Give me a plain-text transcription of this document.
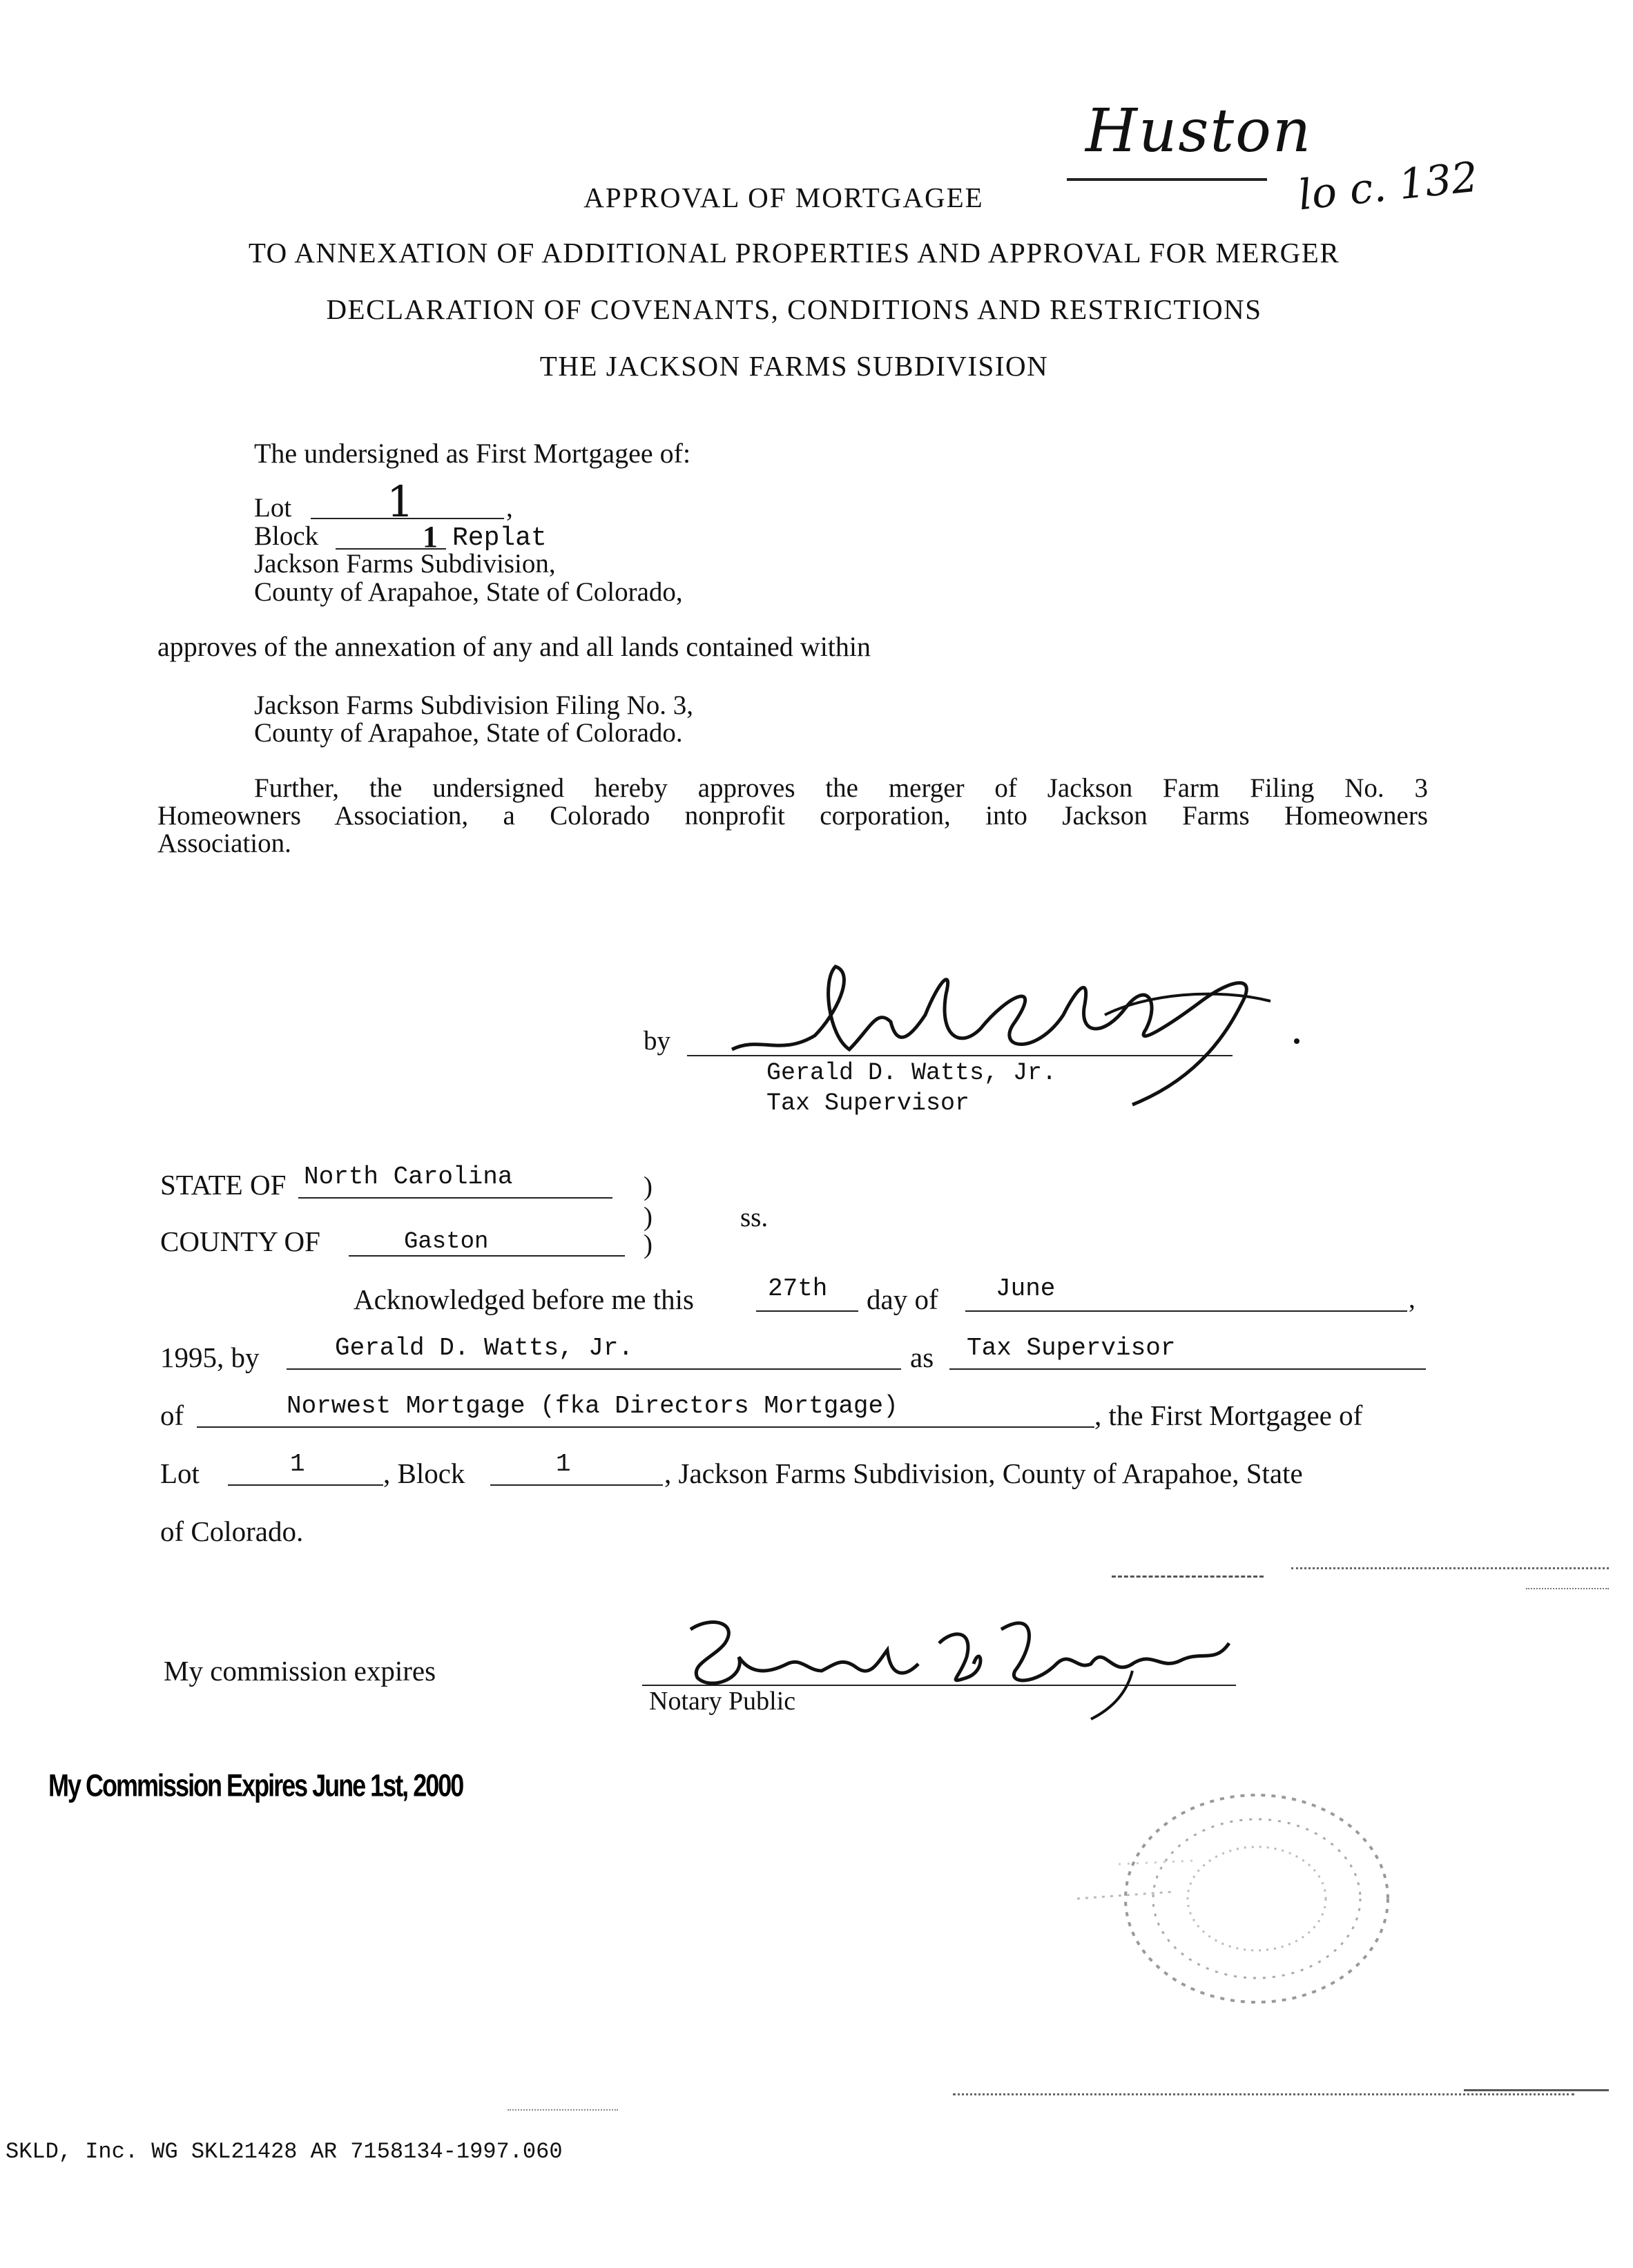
Huston
lo c. 132
APPROVAL OF MORTGAGEE
TO ANNEXATION OF ADDITIONAL PROPERTIES AND APPROVAL FOR MERGER
DECLARATION OF COVENANTS, CONDITIONS AND RESTRICTIONS
THE JACKSON FARMS SUBDIVISION
The undersigned as First Mortgagee of:
Lot 1	,
Block	1 Replat
Jackson Farms Subdivision,
County of Arapahoe, State of Colorado,
approves of the annexation of any and all lands contained within
Jackson Farms Subdivision Filing No. 3,
County of Arapahoe, State of Colorado.
Further, the undersigned hereby approves the merger of Jackson Farm Filing No. 3
Homeowners Association, a Colorado nonprofit corporation, into Jackson Farms Homeowners
Association.
by
Gerald D. Watts, Jr.
Tax Supervisor
STATE OF North Carolina	)
)
)
ss.
COUNTY OF	Gaston
Acknowledged before me this	27th day of June	,
1995, by	Gerald D. Watts, Jr.	as Tax Supervisor
of	Norwest Mortgage (fka Directors Mortgage)	, the First Mortgagee of
Lot	1	, Block	1	, Jackson Farms Subdivision, County of Arapahoe, State
of Colorado.
My commission expires
Notary Public
My Commission Expires June 1st, 2000
SKLD, Inc. WG SKL21428 AR 7158134-1997.060
